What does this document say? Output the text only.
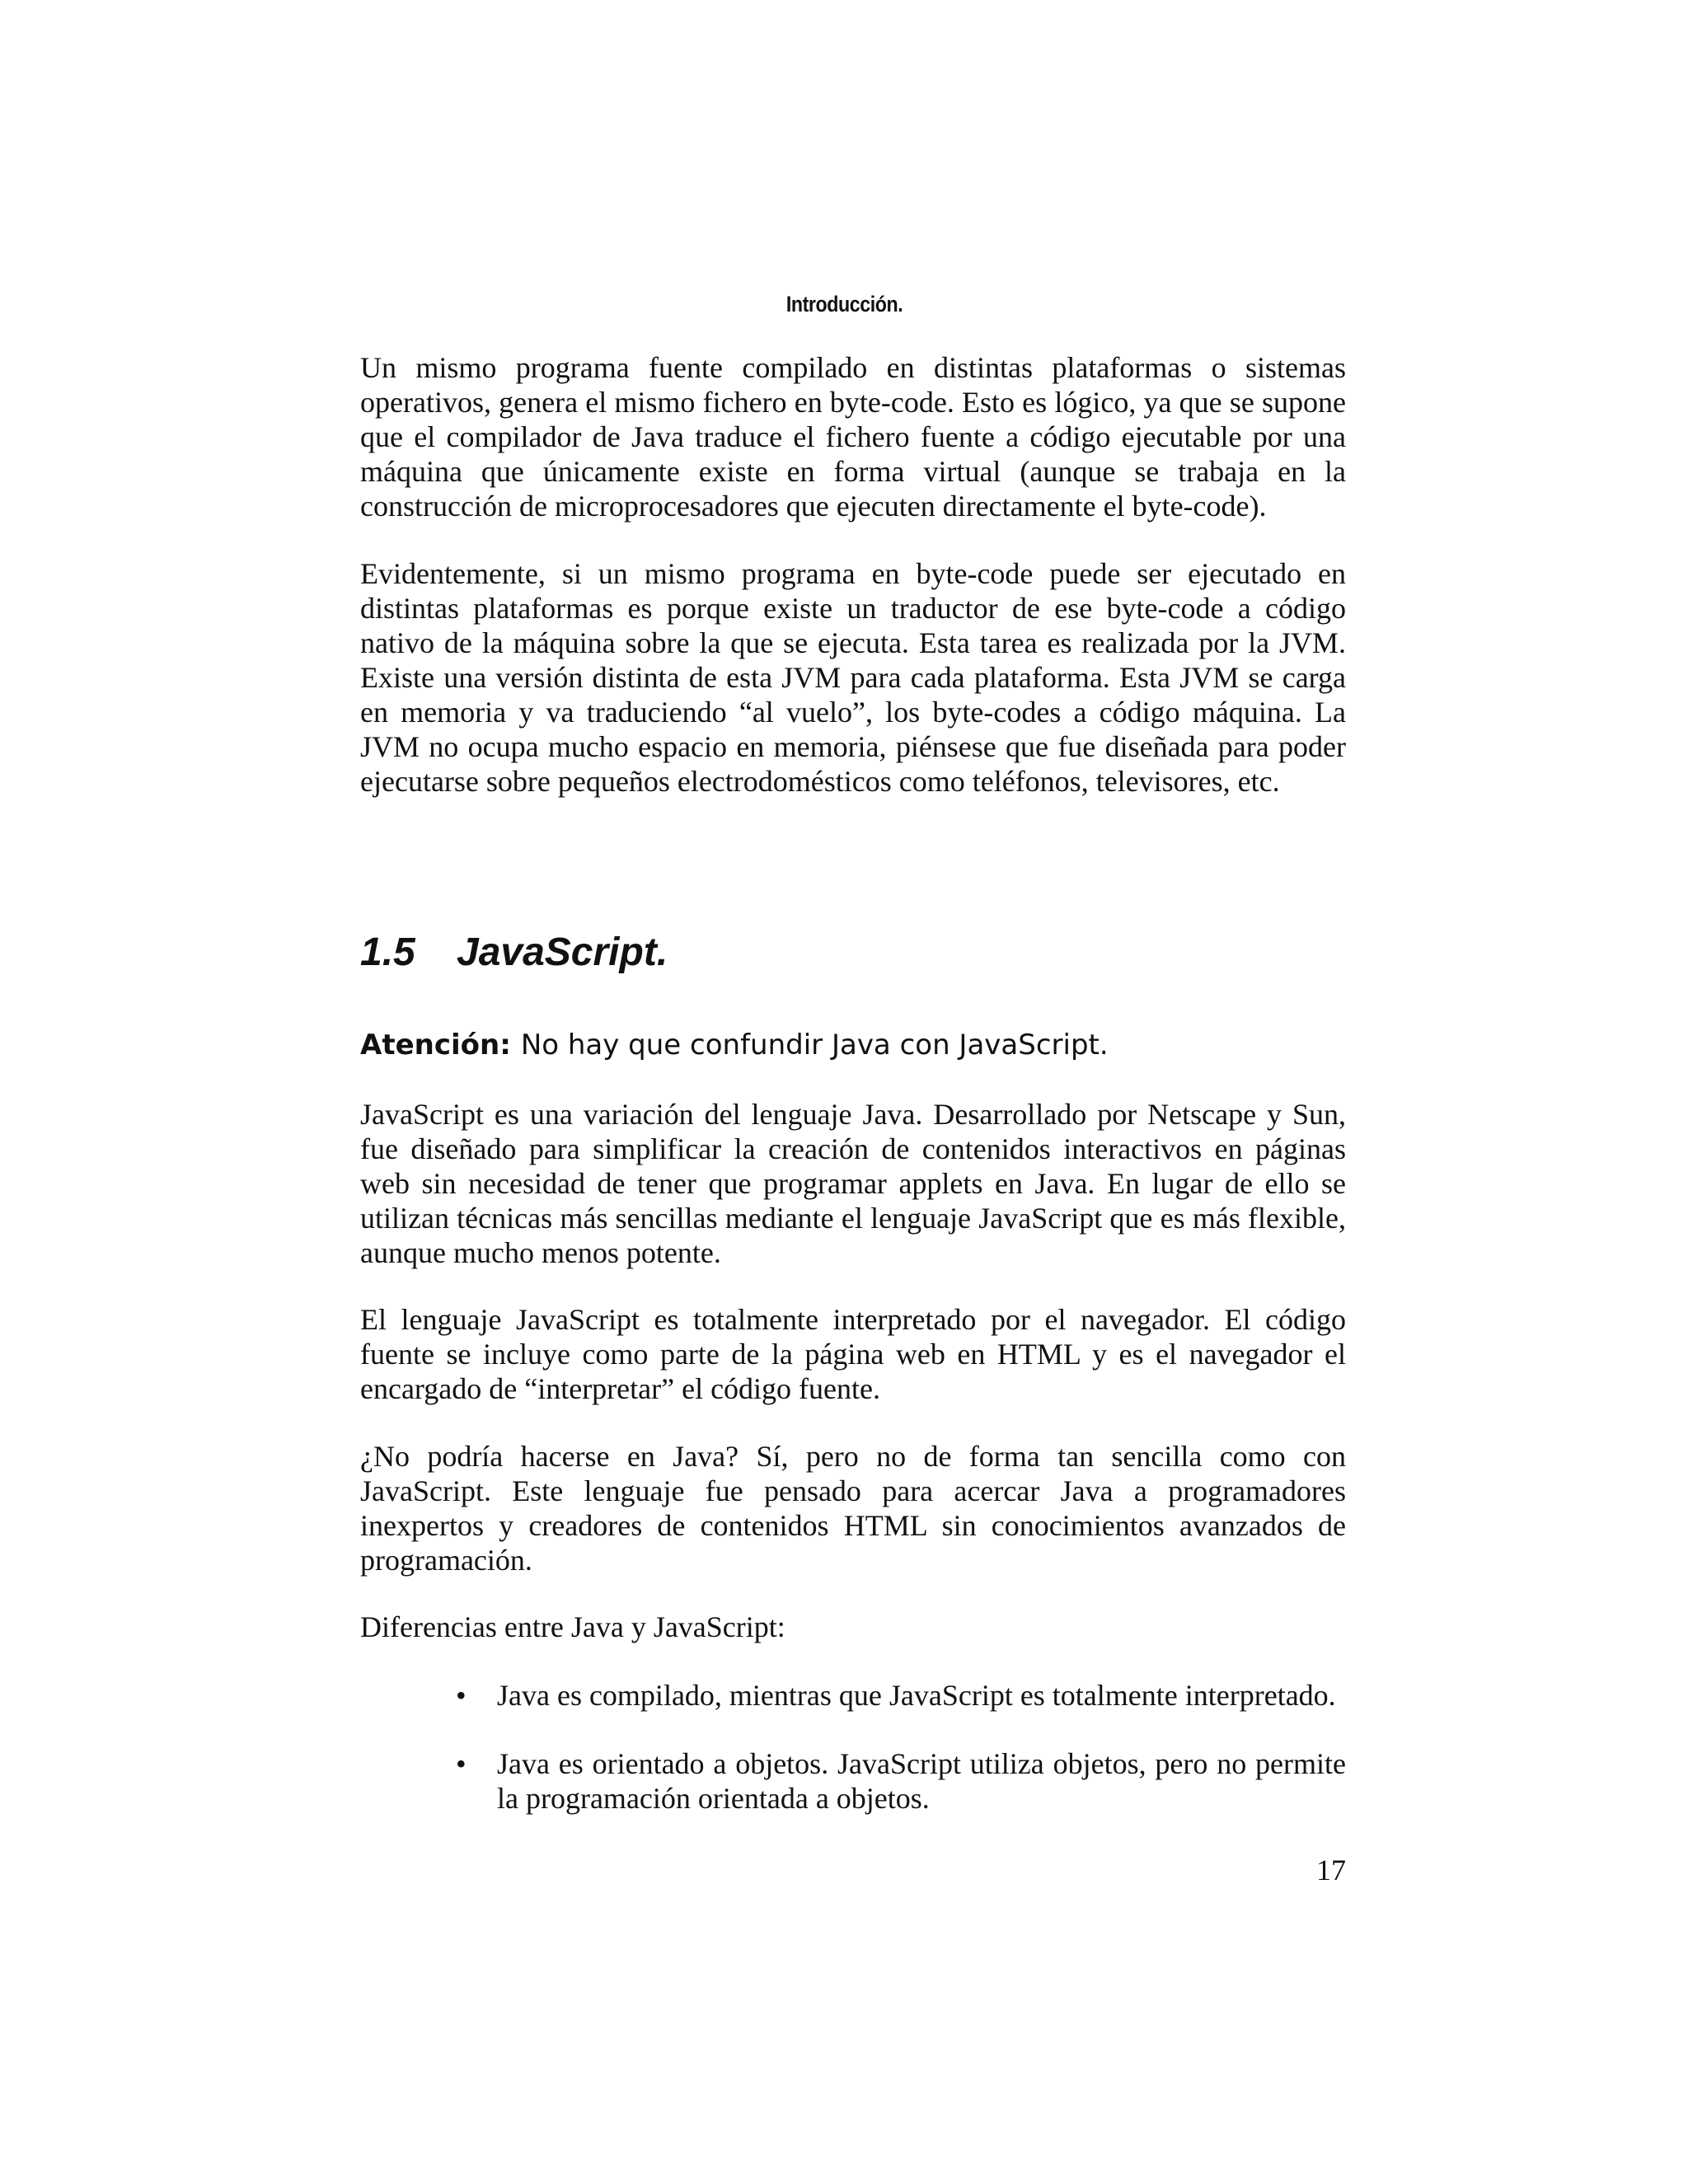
Introducción.

Un mismo programa fuente compilado en distintas plataformas o sistemas operativos, genera el mismo fichero en byte-code. Esto es lógico, ya que se supone que el compilador de Java traduce el fichero fuente a código ejecutable por una máquina que únicamente existe en forma virtual (aunque se trabaja en la construcción de microprocesadores que ejecuten directamente el byte-code).

Evidentemente, si un mismo programa en byte-code puede ser ejecutado en distintas plataformas es porque existe un traductor de ese byte-code a código nativo de la máquina sobre la que se ejecuta. Esta tarea es realizada por la JVM. Existe una versión distinta de esta JVM para cada plataforma. Esta JVM se carga en memoria y va traduciendo “al vuelo”, los byte-codes a código máquina. La JVM no ocupa mucho espacio en memoria, piénsese que fue diseñada para poder ejecutarse sobre pequeños electrodomésticos como teléfonos, televisores, etc.

1.5 JavaScript.

Atención: No hay que confundir Java con JavaScript.

JavaScript es una variación del lenguaje Java. Desarrollado por Netscape y Sun, fue diseñado para simplificar la creación de contenidos interactivos en páginas web sin necesidad de tener que programar applets en Java. En lugar de ello se utilizan técnicas más sencillas mediante el lenguaje JavaScript que es más flexible, aunque mucho menos potente.

El lenguaje JavaScript es totalmente interpretado por el navegador. El código fuente se incluye como parte de la página web en HTML y es el navegador el encargado de “interpretar” el código fuente.

¿No podría hacerse en Java? Sí, pero no de forma tan sencilla como con JavaScript. Este lenguaje fue pensado para acercar Java a programadores inexpertos y creadores de contenidos HTML sin conocimientos avanzados de programación.

Diferencias entre Java y JavaScript:

• Java es compilado, mientras que JavaScript es totalmente interpretado.
• Java es orientado a objetos. JavaScript utiliza objetos, pero no permite la programación orientada a objetos.
17
